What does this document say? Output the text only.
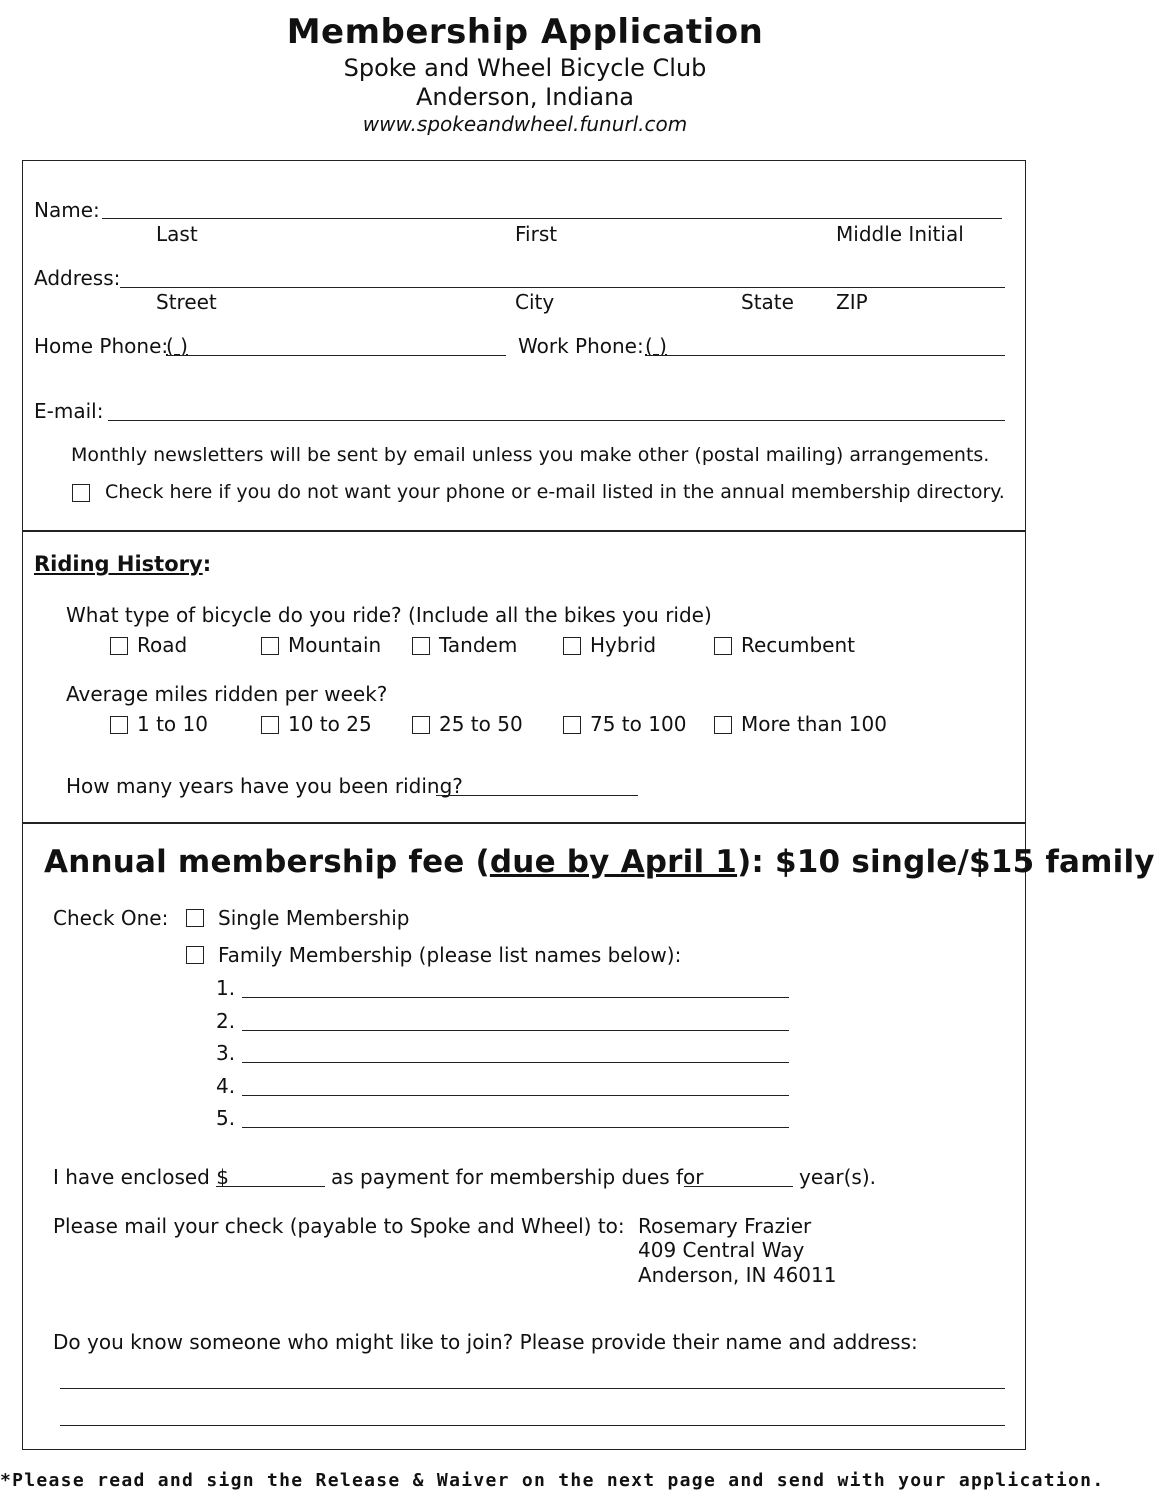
Membership Application
Spoke and Wheel Bicycle Club
Anderson, Indiana
www.spokeandwheel.funurl.com
Name:
Last	First	Middle Initial
Address:
Street	City	State ZIP
Home Phone:
( )	Work Phone: ( )
E-mail:
Monthly newsletters will be sent by email unless you make other (postal mailing) arrangements.
Check here if you do not want your phone or e-mail listed in the annual membership directory.
Riding History:
What type of bicycle do you ride? (Include all the bikes you ride)
Road	Mountain	Tandem	Hybrid	Recumbent
Average miles ridden per week?
1 to 10	10 to 25	25 to 50	75 to 100	More than 100
How many years have you been riding?
Annual membership fee (due by April 1): $10 single/$15 family
Check One: Single Membership
Family Membership (please list names below):
1.
2.
3.
4.
5.
I have enclosed $	as payment for membership dues for	year(s).
Please mail your check (payable to Spoke and Wheel) to: Rosemary Frazier
409 Central Way
Anderson, IN 46011
Do you know someone who might like to join? Please provide their name and address:
*Please read and sign the Release & Waiver on the next page and send with your application.
